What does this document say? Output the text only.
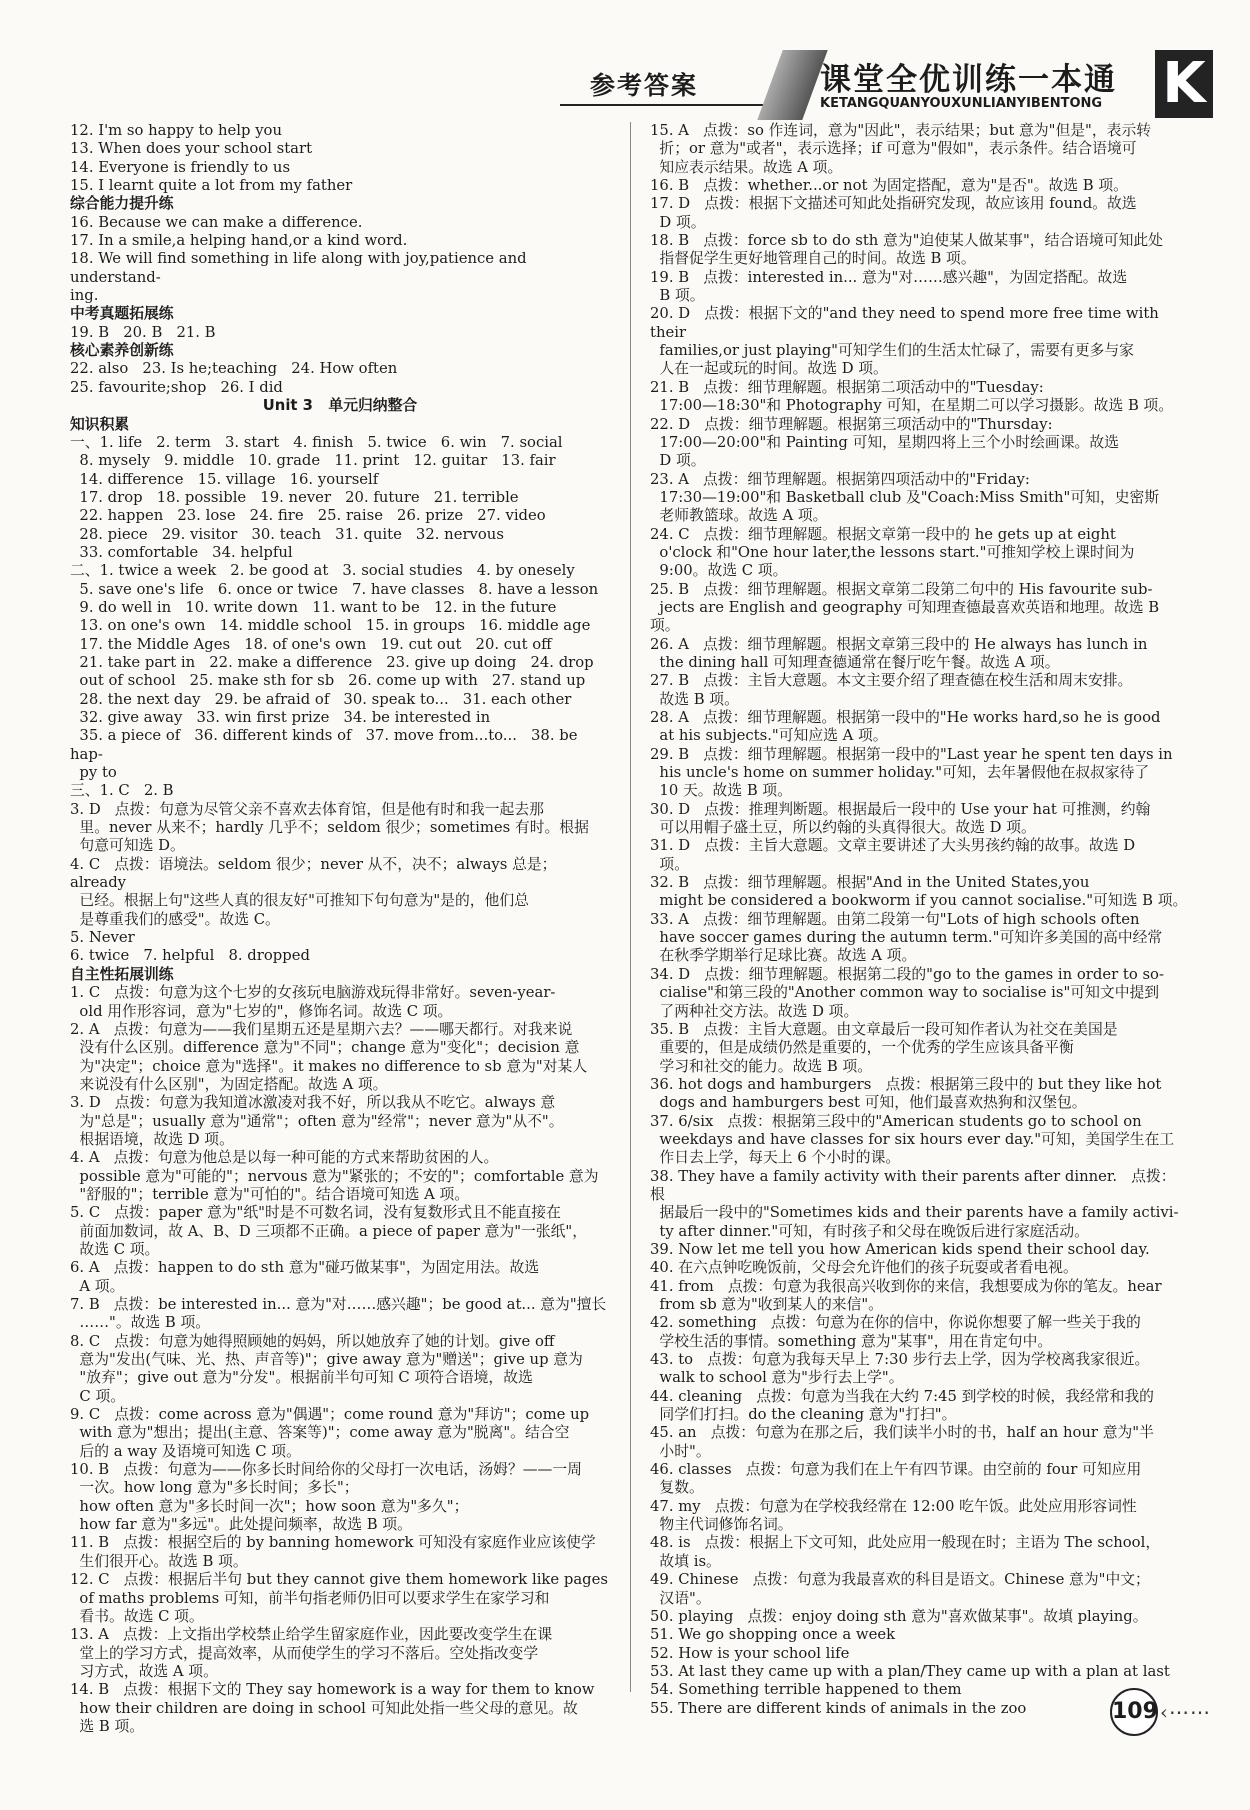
参考答案	课堂全优训练一本通
KETANGQUANYOUXUNLIANYIBENTONG K
12. I'm so happy to help you
13. When does your school start
14. Everyone is friendly to us
15. I learnt quite a lot from my father
综合能力提升练
16. Because we can make a difference.
17. In a smile,a helping hand,or a kind word.
18. We will find something in life along with joy,patience and understand-
ing.
中考真题拓展练
19. B   20. B   21. B
核心素养创新练
22. also   23. Is he;teaching   24. How often
25. favourite;shop   26. I did
Unit 3   单元归纳整合
知识积累
一、1. life   2. term   3. start   4. finish   5. twice   6. win   7. social
8. mysely   9. middle   10. grade   11. print   12. guitar   13. fair
14. difference   15. village   16. yourself
17. drop   18. possible   19. never   20. future   21. terrible
22. happen   23. lose   24. fire   25. raise   26. prize   27. video
28. piece   29. visitor   30. teach   31. quite   32. nervous
33. comfortable   34. helpful
二、1. twice a week   2. be good at   3. social studies   4. by onesely
5. save one's life   6. once or twice   7. have classes   8. have a lesson
9. do well in   10. write down   11. want to be   12. in the future
13. on one's own   14. middle school   15. in groups   16. middle age
17. the Middle Ages   18. of one's own   19. cut out   20. cut off
21. take part in   22. make a difference   23. give up doing   24. drop
out of school   25. make sth for sb   26. come up with   27. stand up
28. the next day   29. be afraid of   30. speak to...   31. each other
32. give away   33. win first prize   34. be interested in
35. a piece of   36. different kinds of   37. move from...to...   38. be hap-
py to
三、1. C   2. B
3. D   点拨：句意为尽管父亲不喜欢去体育馆，但是他有时和我一起去那
里。never 从来不；hardly 几乎不；seldom 很少；sometimes 有时。根据
句意可知选 D。
4. C   点拨：语境法。seldom 很少；never 从不，决不；always 总是；already
已经。根据上句"这些人真的很友好"可推知下句句意为"是的，他们总
是尊重我们的感受"。故选 C。
5. Never
6. twice   7. helpful   8. dropped
自主性拓展训练
1. C   点拨：句意为这个七岁的女孩玩电脑游戏玩得非常好。seven-year-
old 用作形容词，意为"七岁的"，修饰名词。故选 C 项。
2. A   点拨：句意为——我们星期五还是星期六去？——哪天都行。对我来说
没有什么区别。difference 意为"不同"；change 意为"变化"；decision 意
为"决定"；choice 意为"选择"。it makes no difference to sb 意为"对某人
来说没有什么区别"，为固定搭配。故选 A 项。
3. D   点拨：句意为我知道冰激凌对我不好，所以我从不吃它。always 意
为"总是"；usually 意为"通常"；often 意为"经常"；never 意为"从不"。
根据语境，故选 D 项。
4. A   点拨：句意为他总是以每一种可能的方式来帮助贫困的人。
possible 意为"可能的"；nervous 意为"紧张的；不安的"；comfortable 意为
"舒服的"；terrible 意为"可怕的"。结合语境可知选 A 项。
5. C   点拨：paper 意为"纸"时是不可数名词，没有复数形式且不能直接在
前面加数词，故 A、B、D 三项都不正确。a piece of paper 意为"一张纸"，
故选 C 项。
6. A   点拨：happen to do sth 意为"碰巧做某事"，为固定用法。故选
A 项。
7. B   点拨：be interested in... 意为"对……感兴趣"；be good at... 意为"擅长
……"。故选 B 项。
8. C   点拨：句意为她得照顾她的妈妈，所以她放弃了她的计划。give off
意为"发出(气味、光、热、声音等)"；give away 意为"赠送"；give up 意为
"放弃"；give out 意为"分发"。根据前半句可知 C 项符合语境，故选
C 项。
9. C   点拨：come across 意为"偶遇"；come round 意为"拜访"；come up
with 意为"想出；提出(主意、答案等)"；come away 意为"脱离"。结合空
后的 a way 及语境可知选 C 项。
10. B   点拨：句意为——你多长时间给你的父母打一次电话，汤姆？——一周
一次。how long 意为"多长时间；多长"；
how often 意为"多长时间一次"；how soon 意为"多久"；
how far 意为"多远"。此处提问频率，故选 B 项。
11. B   点拨：根据空后的 by banning homework 可知没有家庭作业应该使学
生们很开心。故选 B 项。
12. C   点拨：根据后半句 but they cannot give them homework like pages
of maths problems 可知，前半句指老师仍旧可以要求学生在家学习和
看书。故选 C 项。
13. A   点拨：上文指出学校禁止给学生留家庭作业，因此要改变学生在课
堂上的学习方式，提高效率，从而使学生的学习不落后。空处指改变学
习方式，故选 A 项。
14. B   点拨：根据下文的 They say homework is a way for them to know
how their children are doing in school 可知此处指一些父母的意见。故
选 B 项。
15. A   点拨：so 作连词，意为"因此"，表示结果；but 意为"但是"，表示转
折；or 意为"或者"，表示选择；if 可意为"假如"，表示条件。结合语境可
知应表示结果。故选 A 项。
16. B   点拨：whether...or not 为固定搭配，意为"是否"。故选 B 项。
17. D   点拨：根据下文描述可知此处指研究发现，故应该用 found。故选
D 项。
18. B   点拨：force sb to do sth 意为"迫使某人做某事"，结合语境可知此处
指督促学生更好地管理自己的时间。故选 B 项。
19. B   点拨：interested in... 意为"对……感兴趣"，为固定搭配。故选
B 项。
20. D   点拨：根据下文的"and they need to spend more free time with their
families,or just playing"可知学生们的生活太忙碌了，需要有更多与家
人在一起或玩的时间。故选 D 项。
21. B   点拨：细节理解题。根据第二项活动中的"Tuesday:
17:00—18:30"和 Photography 可知，在星期二可以学习摄影。故选 B 项。
22. D   点拨：细节理解题。根据第三项活动中的"Thursday:
17:00—20:00"和 Painting 可知，星期四将上三个小时绘画课。故选
D 项。
23. A   点拨：细节理解题。根据第四项活动中的"Friday:
17:30—19:00"和 Basketball club 及"Coach:Miss Smith"可知，史密斯
老师教篮球。故选 A 项。
24. C   点拨：细节理解题。根据文章第一段中的 he gets up at eight
o'clock 和"One hour later,the lessons start."可推知学校上课时间为
9:00。故选 C 项。
25. B   点拨：细节理解题。根据文章第二段第二句中的 His favourite sub-
jects are English and geography 可知理查德最喜欢英语和地理。故选 B 项。
26. A   点拨：细节理解题。根据文章第三段中的 He always has lunch in
the dining hall 可知理查德通常在餐厅吃午餐。故选 A 项。
27. B   点拨：主旨大意题。本文主要介绍了理查德在校生活和周末安排。
故选 B 项。
28. A   点拨：细节理解题。根据第一段中的"He works hard,so he is good
at his subjects."可知应选 A 项。
29. B   点拨：细节理解题。根据第一段中的"Last year he spent ten days in
his uncle's home on summer holiday."可知，去年暑假他在叔叔家待了
10 天。故选 B 项。
30. D   点拨：推理判断题。根据最后一段中的 Use your hat 可推测，约翰
可以用帽子盛土豆，所以约翰的头真得很大。故选 D 项。
31. D   点拨：主旨大意题。文章主要讲述了大头男孩约翰的故事。故选 D
项。
32. B   点拨：细节理解题。根据"And in the United States,you
might be considered a bookworm if you cannot socialise."可知选 B 项。
33. A   点拨：细节理解题。由第二段第一句"Lots of high schools often
have soccer games during the autumn term."可知许多美国的高中经常
在秋季学期举行足球比赛。故选 A 项。
34. D   点拨：细节理解题。根据第二段的"go to the games in order to so-
cialise"和第三段的"Another common way to socialise is"可知文中提到
了两种社交方法。故选 D 项。
35. B   点拨：主旨大意题。由文章最后一段可知作者认为社交在美国是
重要的，但是成绩仍然是重要的，一个优秀的学生应该具备平衡
学习和社交的能力。故选 B 项。
36. hot dogs and hamburgers   点拨：根据第三段中的 but they like hot
dogs and hamburgers best 可知，他们最喜欢热狗和汉堡包。
37. 6/six   点拨：根据第三段中的"American students go to school on
weekdays and have classes for six hours ever day."可知，美国学生在工
作日去上学，每天上 6 个小时的课。
38. They have a family activity with their parents after dinner.   点拨：根
据最后一段中的"Sometimes kids and their parents have a family activi-
ty after dinner."可知，有时孩子和父母在晚饭后进行家庭活动。
39. Now let me tell you how American kids spend their school day.
40. 在六点钟吃晚饭前，父母会允许他们的孩子玩耍或者看电视。
41. from   点拨：句意为我很高兴收到你的来信，我想要成为你的笔友。hear
from sb 意为"收到某人的来信"。
42. something   点拨：句意为在你的信中，你说你想要了解一些关于我的
学校生活的事情。something 意为"某事"，用在肯定句中。
43. to   点拨：句意为我每天早上 7:30 步行去上学，因为学校离我家很近。
walk to school 意为"步行去上学"。
44. cleaning   点拨：句意为当我在大约 7:45 到学校的时候，我经常和我的
同学们打扫。do the cleaning 意为"打扫"。
45. an   点拨：句意为在那之后，我们读半小时的书，half an hour 意为"半
小时"。
46. classes   点拨：句意为我们在上午有四节课。由空前的 four 可知应用
复数。
47. my   点拨：句意为在学校我经常在 12:00 吃午饭。此处应用形容词性
物主代词修饰名词。
48. is   点拨：根据上下文可知，此处应用一般现在时；主语为 The school，
故填 is。
49. Chinese   点拨：句意为我最喜欢的科目是语文。Chinese 意为"中文；
汉语"。
50. playing   点拨：enjoy doing sth 意为"喜欢做某事"。故填 playing。
51. We go shopping once a week
52. How is your school life
53. At last they came up with a plan/They came up with a plan at last
54. Something terrible happened to them
55. There are different kinds of animals in the zoo	109 ‹⋯⋯
